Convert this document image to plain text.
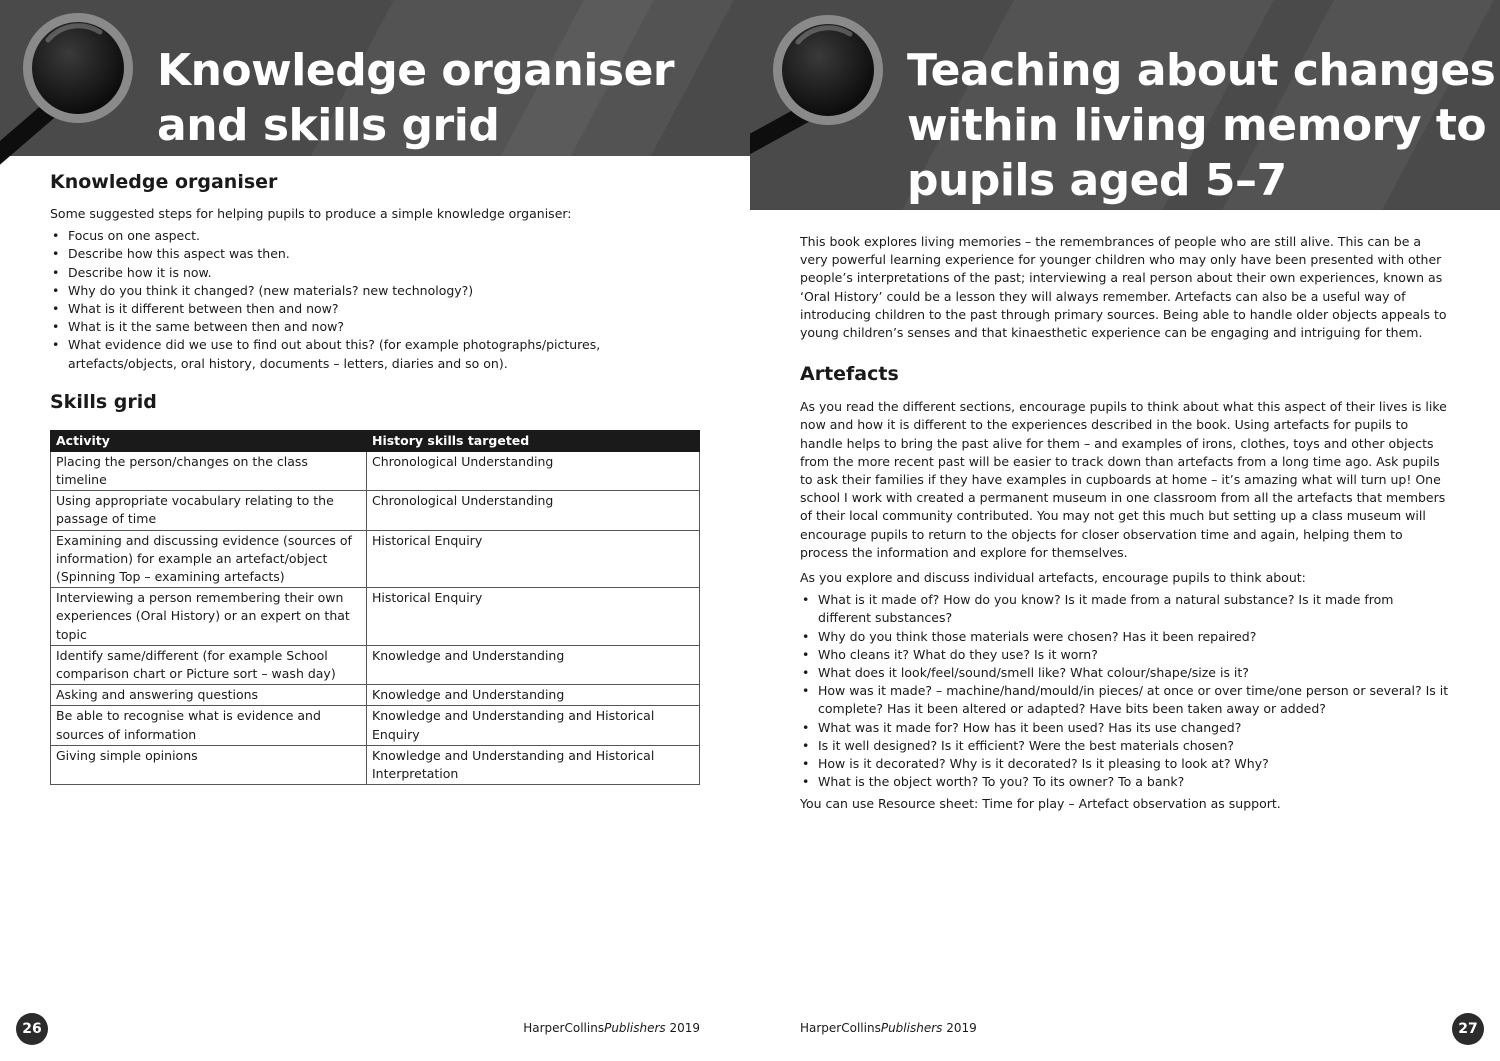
Knowledge organiser
and skills grid
Knowledge organiser

Some suggested steps for helping pupils to produce a simple knowledge organiser:

• Focus on one aspect.
• Describe how this aspect was then.
• Describe how it is now.
• Why do you think it changed? (new materials? new technology?)
• What is it different between then and now?
• What is it the same between then and now?
• What evidence did we use to find out about this? (for example photographs/pictures, artefacts/objects, oral history, documents – letters, diaries and so on).
Skills grid
Activity	History skills targeted
Placing the person/changes on the class timeline	Chronological Understanding
Using appropriate vocabulary relating to the passage of time	Chronological Understanding
Examining and discussing evidence (sources of information) for example an artefact/object (Spinning Top – examining artefacts)	Historical Enquiry
Interviewing a person remembering their own experiences (Oral History) or an expert on that topic	Historical Enquiry
Identify same/different (for example School comparison chart or Picture sort – wash day)	Knowledge and Understanding
Asking and answering questions	Knowledge and Understanding
Be able to recognise what is evidence and sources of information	Knowledge and Understanding and Historical Enquiry
Giving simple opinions	Knowledge and Understanding and Historical Interpretation
26	HarperCollinsPublishers 2019
Teaching about changes
within living memory to
pupils aged 5–7

This book explores living memories – the remembrances of people who are still alive. This can be a very powerful learning experience for younger children who may only have been presented with other people’s interpretations of the past; interviewing a real person about their own experiences, known as ‘Oral History’ could be a lesson they will always remember. Artefacts can also be a useful way of introducing children to the past through primary sources. Being able to handle older objects appeals to young children’s senses and that kinaesthetic experience can be engaging and intriguing for them.

Artefacts

As you read the different sections, encourage pupils to think about what this aspect of their lives is like now and how it is different to the experiences described in the book. Using artefacts for pupils to handle helps to bring the past alive for them – and examples of irons, clothes, toys and other objects from the more recent past will be easier to track down than artefacts from a long time ago. Ask pupils to ask their families if they have examples in cupboards at home – it’s amazing what will turn up! One school I work with created a permanent museum in one classroom from all the artefacts that members of their local community contributed. You may not get this much but setting up a class museum will encourage pupils to return to the objects for closer observation time and again, helping them to process the information and explore for themselves.

As you explore and discuss individual artefacts, encourage pupils to think about:

• What is it made of? How do you know? Is it made from a natural substance? Is it made from different substances?
• Why do you think those materials were chosen? Has it been repaired?
• Who cleans it? What do they use? Is it worn?
• What does it look/feel/sound/smell like? What colour/shape/size is it?
• How was it made? – machine/hand/mould/in pieces/ at once or over time/one person or several? Is it complete? Has it been altered or adapted? Have bits been taken away or added?
• What was it made for? How has it been used? Has its use changed?
• Is it well designed? Is it efficient? Were the best materials chosen?
• How is it decorated? Why is it decorated? Is it pleasing to look at? Why?
• What is the object worth? To you? To its owner? To a bank?

You can use Resource sheet: Time for play – Artefact observation as support.

HarperCollinsPublishers 2019	27
